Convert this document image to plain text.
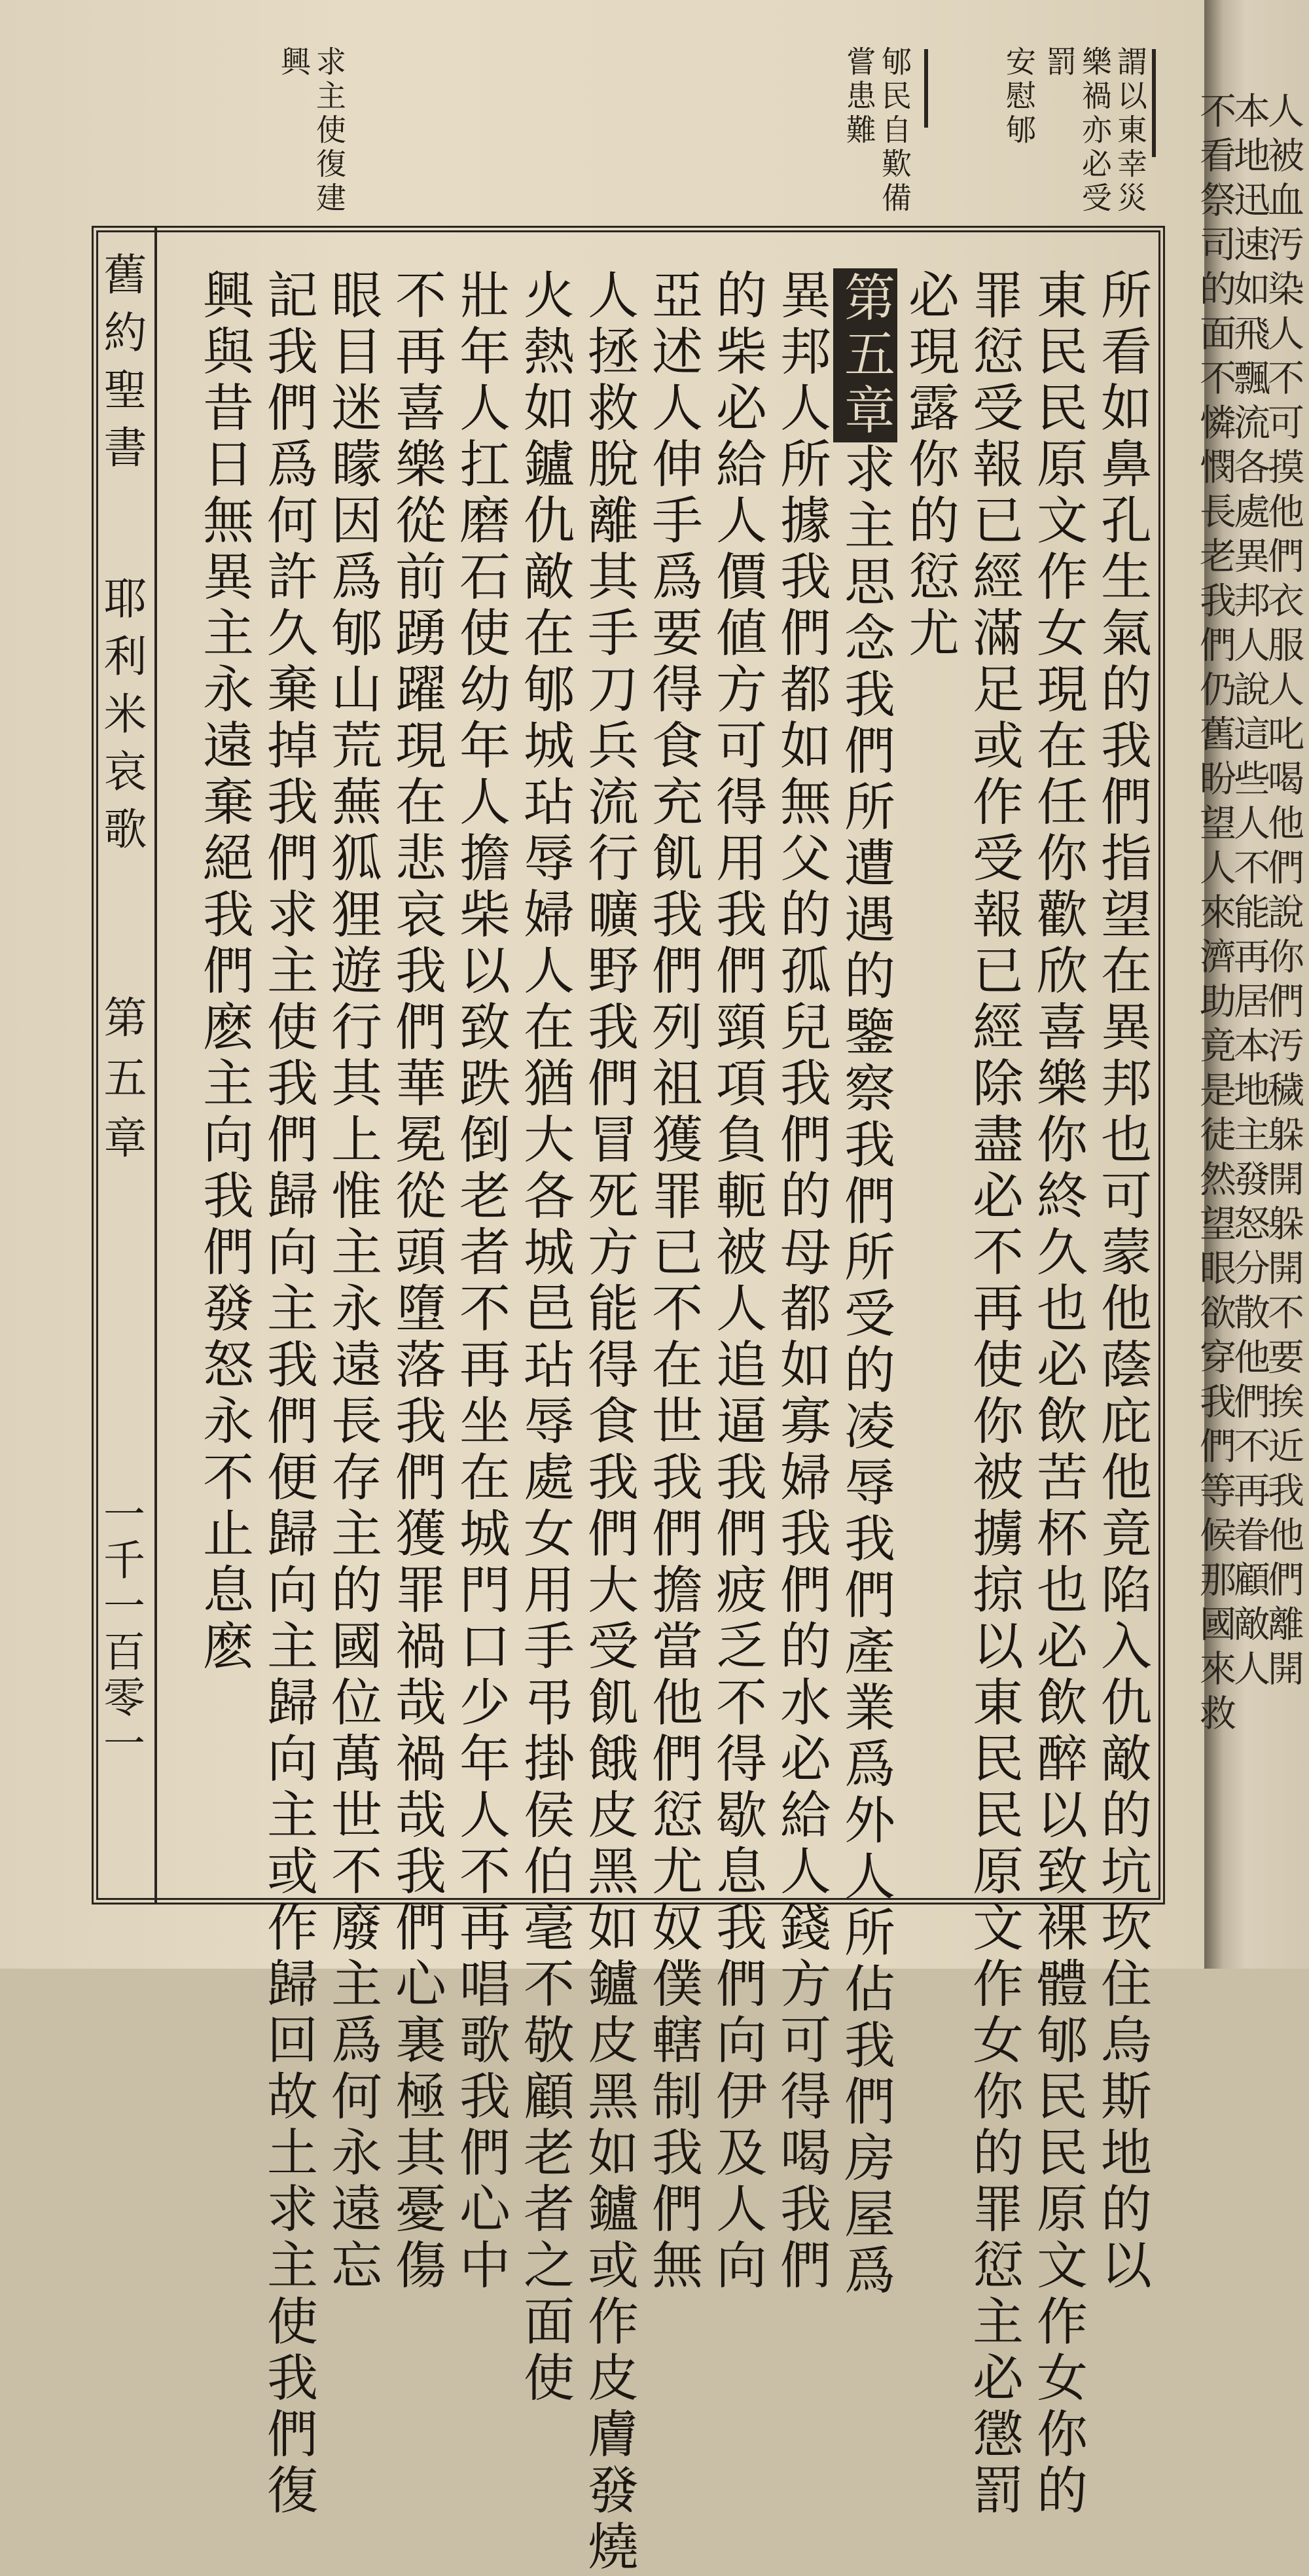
謂以東幸災
樂禍亦必受
罰
安慰郇
郇民自歎備
嘗患難
求主使復建
興
舊約聖書
耶利米哀歌
第五章
一千一百零一	所看如鼻孔生氣的我們指望在異邦也可蒙他蔭庇他竟陷入仇敵的坑坎住烏斯地的以
東民民原文作女現在任你歡欣喜樂你終久也必飲苦杯也必飲醉以致裸體郇民民原文作女你的
罪愆受報已經滿足或作受報已經除盡必不再使你被擄掠以東民民原文作女你的罪愆主必懲罰
必現露你的愆尤
第五章求主思念我們所遭遇的鑒察我們所受的凌辱我們產業爲外人所佔我們房屋爲
異邦人所據我們都如無父的孤兒我們的母都如寡婦我們的水必給人錢方可得喝我們
的柴必給人價値方可得用我們頸項負軛被人追逼我們疲乏不得歇息我們向伊及人向
亞述人伸手爲要得食充飢我們列祖獲罪已不在世我們擔當他們愆尤奴僕轄制我們無
人拯救脫離其手刀兵流行曠野我們冒死方能得食我們大受飢餓皮黑如鑪皮黑如鑪或作皮膚發燒
火熱如鑪仇敵在郇城玷辱婦人在猶大各城邑玷辱處女用手弔掛侯伯毫不敬顧老者之面使
壯年人扛磨石使幼年人擔柴以致跌倒老者不再坐在城門口少年人不再唱歌我們心中
不再喜樂從前踴躍現在悲哀我們華冕從頭墮落我們獲罪禍哉禍哉我們心裏極其憂傷
眼目迷矇因爲郇山荒蕪狐狸遊行其上惟主永遠長存主的國位萬世不廢主爲何永遠忘
記我們爲何許久棄掉我們求主使我們歸向主我們便歸向主歸向主或作歸回故土求主使我們復
興與昔日無異主永遠棄絕我們麽主向我們發怒永不止息麽	人被血汚染人不可摸他們衣服人叱喝他們說你們汚穢躲開躲開不要挨近我他們離開
本地迅速如飛飄流各處異邦人說這些人不能再居本地主發怒分散他們不再眷顧敵人
不看祭司的面不憐憫長老我們仍舊盼望人來濟助竟是徒然望眼欲穿我們等候那國來救
